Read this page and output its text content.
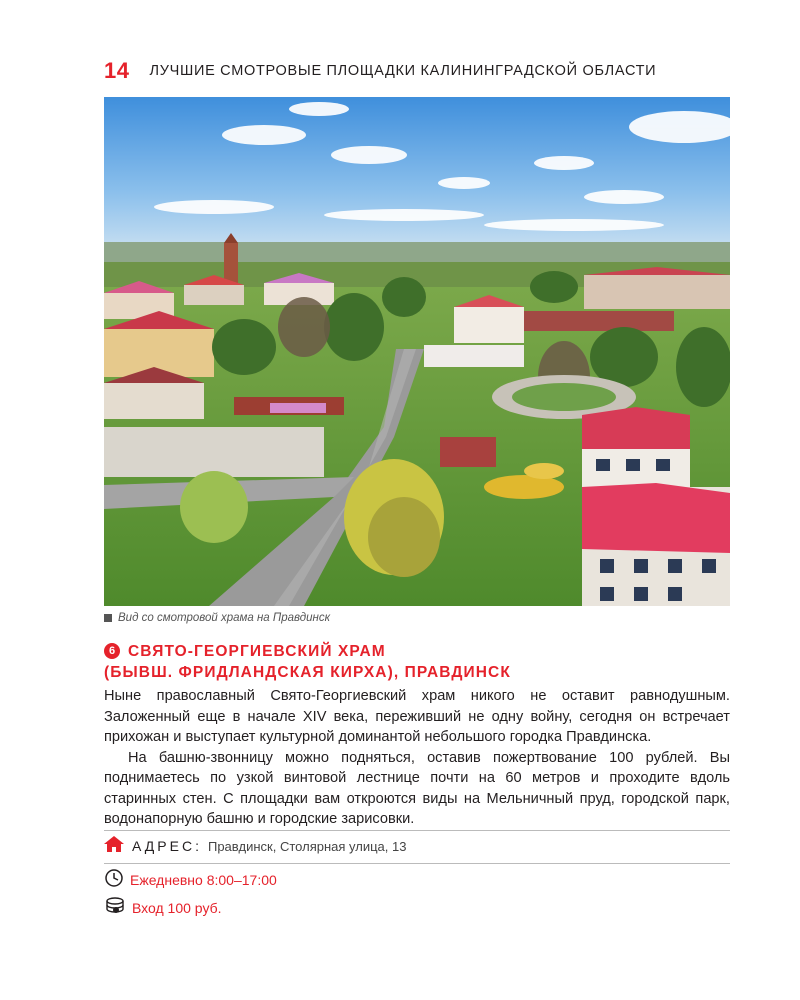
14 ЛУЧШИЕ СМОТРОВЫЕ ПЛОЩАДКИ КАЛИНИНГРАДСКОЙ ОБЛАСТИ
Вид со смотровой храма на Правдинск
6 СВЯТО-ГЕОРГИЕВСКИЙ ХРАМ
(БЫВШ. ФРИДЛАНДСКАЯ КИРХА), ПРАВДИНСК

Ныне православный Свято-Георгиевский храм никого не оставит равнодушным. Заложенный еще в начале XIV века, переживший не одну войну, сегодня он встречает прихожан и выступает культурной доминантой небольшого городка Правдинска.

На башню-звонницу можно подняться, оставив пожертвование 100 рублей. Вы поднимаетесь по узкой винтовой лестнице почти на 60 метров и проходите вдоль старинных стен. С площадки вам откроются виды на Мельничный пруд, городской парк, водонапорную башню и городские зарисовки.

АДРЕС: Правдинск, Столярная улица, 13
Ежедневно 8:00–17:00
Вход 100 руб.
